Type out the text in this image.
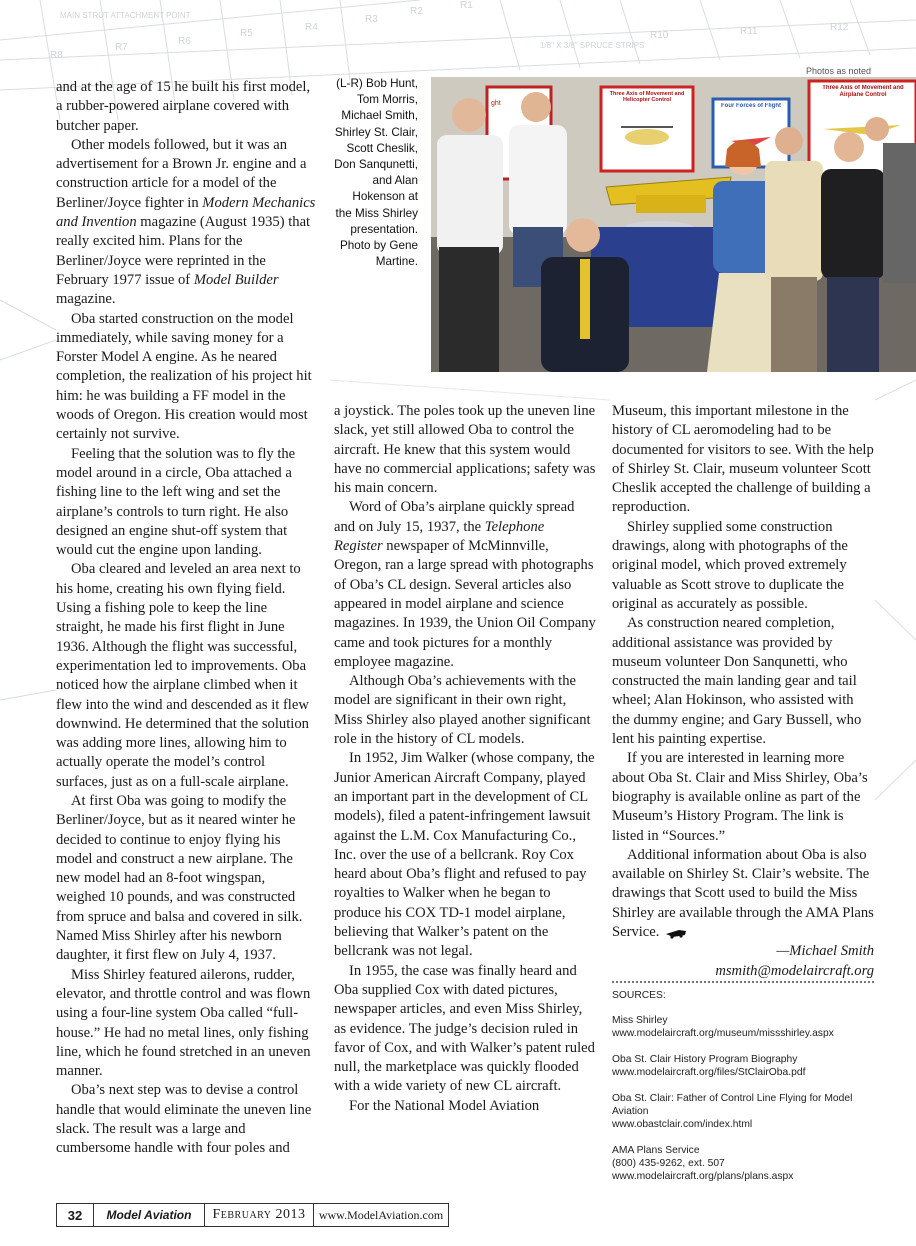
R8
R7
R6
R5
R4
R3
R2
R1
R10	R11	R12
MAIN STRUT ATTACHMENT POINT
1/8" X 3/8" SPRUCE STRIPS

and at the age of 15 he built his first model, a rubber-powered airplane covered with butcher paper.

Other models followed, but it was an advertisement for a Brown Jr. engine and a construction article for a model of the Berliner/Joyce fighter in Modern Mechanics and Invention magazine (August 1935) that really excited him. Plans for the Berliner/Joyce were reprinted in the February 1977 issue of Model Builder magazine.

Oba started construction on the model immediately, while saving money for a Forster Model A engine. As he neared completion, the realization of his project hit him: he was building a FF model in the woods of Oregon. His creation would most certainly not survive.

Feeling that the solution was to fly the model around in a circle, Oba attached a fishing line to the left wing and set the airplane’s controls to turn right. He also designed an engine shut-off system that would cut the engine upon landing.

Oba cleared and leveled an area next to his home, creating his own flying field. Using a fishing pole to keep the line straight, he made his first flight in June 1936. Although the flight was successful, experimentation led to improvements. Oba noticed how the airplane climbed when it flew into the wind and descended as it flew downwind. He determined that the solution was adding more lines, allowing him to actually operate the model’s control surfaces, just as on a full-scale airplane.

At first Oba was going to modify the Berliner/Joyce, but as it neared winter he decided to continue to enjoy flying his model and construct a new airplane. The new model had an 8-foot wingspan, weighed 10 pounds, and was constructed from spruce and balsa and covered in silk. Named Miss Shirley after his newborn daughter, it first flew on July 4, 1937.

Miss Shirley featured ailerons, rudder, elevator, and throttle control and was flown using a four-line system Oba called “full-house.” He had no metal lines, only fishing line, which he found stretched in an uneven manner.

Oba’s next step was to devise a control handle that would eliminate the uneven line slack. The result was a large and cumbersome handle with four poles and

(L-R) Bob Hunt, Tom Morris, Michael Smith, Shirley St. Clair, Scott Cheslik, Don Sanqunetti, and Alan Hokenson at the Miss Shirley presentation. Photo by Gene Martine.
Photos as noted
ght
Three Axis of Movement and Helicopter Control
Four Forces of Flight
Three Axis of Movement and Airplane Control

a joystick. The poles took up the uneven line slack, yet still allowed Oba to control the aircraft. He knew that this system would have no commercial applications; safety was his main concern.

Word of Oba’s airplane quickly spread and on July 15, 1937, the Telephone Register newspaper of McMinnville, Oregon, ran a large spread with photographs of Oba’s CL design. Several articles also appeared in model airplane and science magazines. In 1939, the Union Oil Company came and took pictures for a monthly employee magazine.

Although Oba’s achievements with the model are significant in their own right, Miss Shirley also played another significant role in the history of CL models.

In 1952, Jim Walker (whose company, the Junior American Aircraft Company, played an important part in the development of CL models), filed a patent-infringement lawsuit against the L.M. Cox Manufacturing Co., Inc. over the use of a bellcrank. Roy Cox heard about Oba’s flight and refused to pay royalties to Walker when he began to produce his COX TD-1 model airplane, believing that Walker’s patent on the bellcrank was not legal.

In 1955, the case was finally heard and Oba supplied Cox with dated pictures, newspaper articles, and even Miss Shirley, as evidence. The judge’s decision ruled in favor of Cox, and with Walker’s patent ruled null, the marketplace was quickly flooded with a wide variety of new CL aircraft.

For the National Model Aviation

Museum, this important milestone in the history of CL aeromodeling had to be documented for visitors to see. With the help of Shirley St. Clair, museum volunteer Scott Cheslik accepted the challenge of building a reproduction.

Shirley supplied some construction drawings, along with photographs of the original model, which proved extremely valuable as Scott strove to duplicate the original as accurately as possible.

As construction neared completion, additional assistance was provided by museum volunteer Don Sanqunetti, who constructed the main landing gear and tail wheel; Alan Hokinson, who assisted with the dummy engine; and Gary Bussell, who lent his painting expertise.

If you are interested in learning more about Oba St. Clair and Miss Shirley, Oba’s biography is available online as part of the Museum’s History Program. The link is listed in “Sources.”

Additional information about Oba is also available on Shirley St. Clair’s website. The drawings that Scott used to build the Miss Shirley are available through the AMA Plans Service.

—Michael Smith

msmith@modelaircraft.org

SOURCES:
Miss Shirley
www.modelaircraft.org/museum/missshirley.aspx
Oba St. Clair History Program Biography
www.modelaircraft.org/files/StClairOba.pdf
Oba St. Clair: Father of Control Line Flying for Model Aviation
www.obastclair.com/index.html
AMA Plans Service
(800) 435-9262, ext. 507
www.modelaircraft.org/plans/plans.aspx
32	Model Aviation	February 2013	www.ModelAviation.com
